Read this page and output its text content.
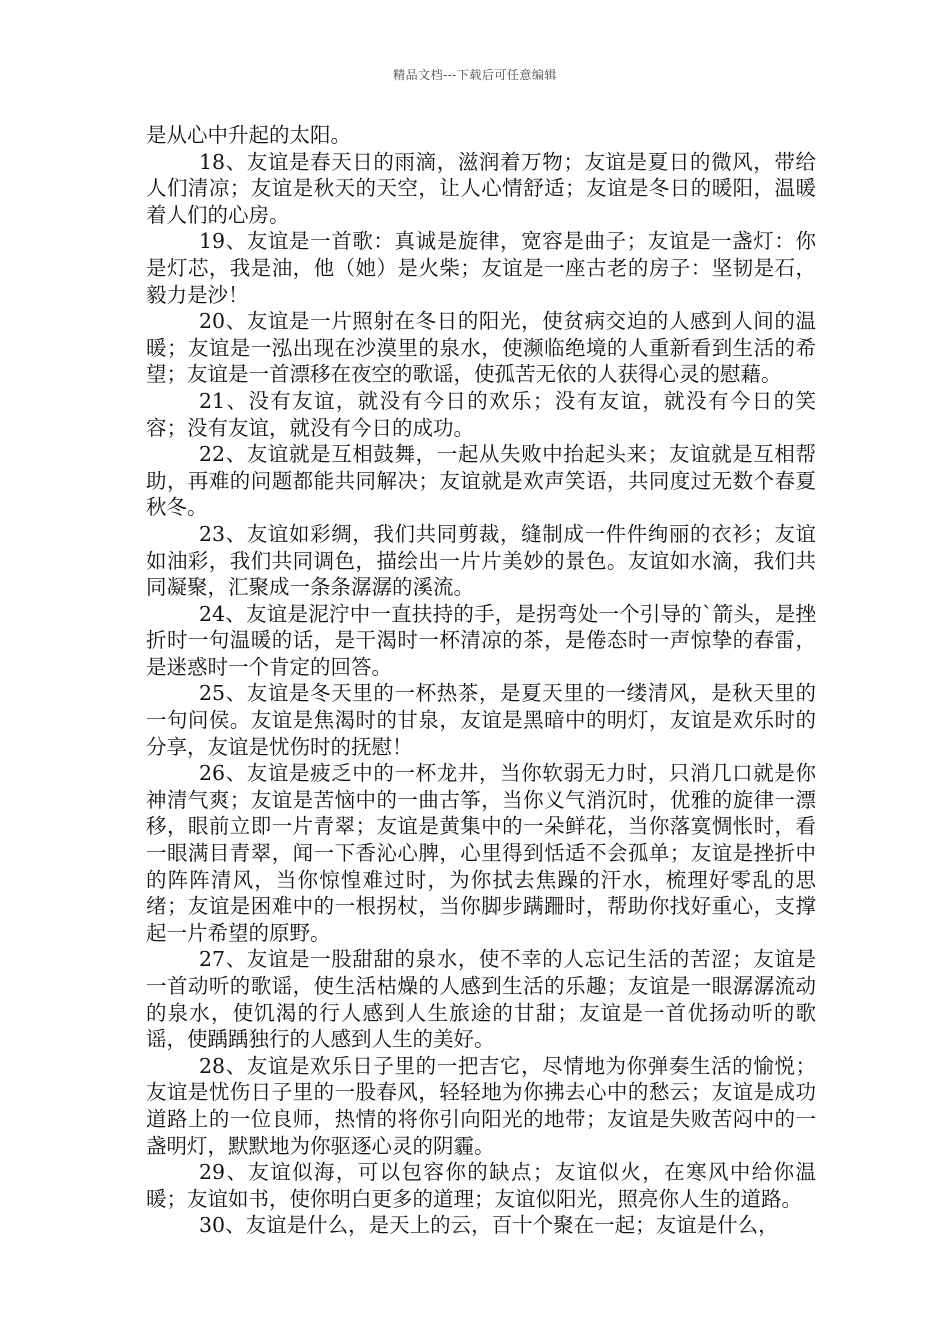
精品文档---下载后可任意编辑

是从心中升起的太阳。

18、友谊是春天日的雨滴，滋润着万物；友谊是夏日的微风，带给人们清凉；友谊是秋天的天空，让人心情舒适；友谊是冬日的暖阳，温暖着人们的心房。

19、友谊是一首歌：真诚是旋律，宽容是曲子；友谊是一盏灯：你是灯芯，我是油，他（她）是火柴；友谊是一座古老的房子：坚韧是石，毅力是沙！

20、友谊是一片照射在冬日的阳光，使贫病交迫的人感到人间的温暖；友谊是一泓出现在沙漠里的泉水，使濒临绝境的人重新看到生活的希望；友谊是一首漂移在夜空的歌谣，使孤苦无依的人获得心灵的慰藉。

21、没有友谊，就没有今日的欢乐；没有友谊，就没有今日的笑容；没有友谊，就没有今日的成功。

22、友谊就是互相鼓舞，一起从失败中抬起头来；友谊就是互相帮助，再难的问题都能共同解决；友谊就是欢声笑语，共同度过无数个春夏秋冬。

23、友谊如彩绸，我们共同剪裁，缝制成一件件绚丽的衣衫；友谊如油彩，我们共同调色，描绘出一片片美妙的景色。友谊如水滴，我们共同凝聚，汇聚成一条条潺潺的溪流。

24、友谊是泥泞中一直扶持的手，是拐弯处一个引导的`箭头，是挫折时一句温暖的话，是干渴时一杯清凉的茶，是倦态时一声惊挚的春雷，是迷惑时一个肯定的回答。

25、友谊是冬天里的一杯热茶，是夏天里的一缕清风，是秋天里的一句问侯。友谊是焦渴时的甘泉，友谊是黑暗中的明灯，友谊是欢乐时的分享，友谊是忧伤时的抚慰！

26、友谊是疲乏中的一杯龙井，当你软弱无力时，只消几口就是你神清气爽；友谊是苦恼中的一曲古筝，当你义气消沉时，优雅的旋律一漂移，眼前立即一片青翠；友谊是黄集中的一朵鲜花，当你落寞惆怅时，看一眼满目青翠，闻一下香沁心脾，心里得到恬适不会孤单；友谊是挫折中的阵阵清风，当你惊惶难过时，为你拭去焦躁的汗水，梳理好零乱的思绪；友谊是困难中的一根拐杖，当你脚步蹒跚时，帮助你找好重心，支撑起一片希望的原野。

27、友谊是一股甜甜的泉水，使不幸的人忘记生活的苦涩；友谊是一首动听的歌谣，使生活枯燥的人感到生活的乐趣；友谊是一眼潺潺流动的泉水，使饥渴的行人感到人生旅途的甘甜；友谊是一首优扬动听的歌谣，使踽踽独行的人感到人生的美好。

28、友谊是欢乐日子里的一把吉它，尽情地为你弹奏生活的愉悦；友谊是忧伤日子里的一股春风，轻轻地为你拂去心中的愁云；友谊是成功道路上的一位良师，热情的将你引向阳光的地带；友谊是失败苦闷中的一盏明灯，默默地为你驱逐心灵的阴霾。

29、友谊似海，可以包容你的缺点；友谊似火，在寒风中给你温暖；友谊如书，使你明白更多的道理；友谊似阳光，照亮你人生的道路。

30、友谊是什么，是天上的云，百十个聚在一起；友谊是什么，
